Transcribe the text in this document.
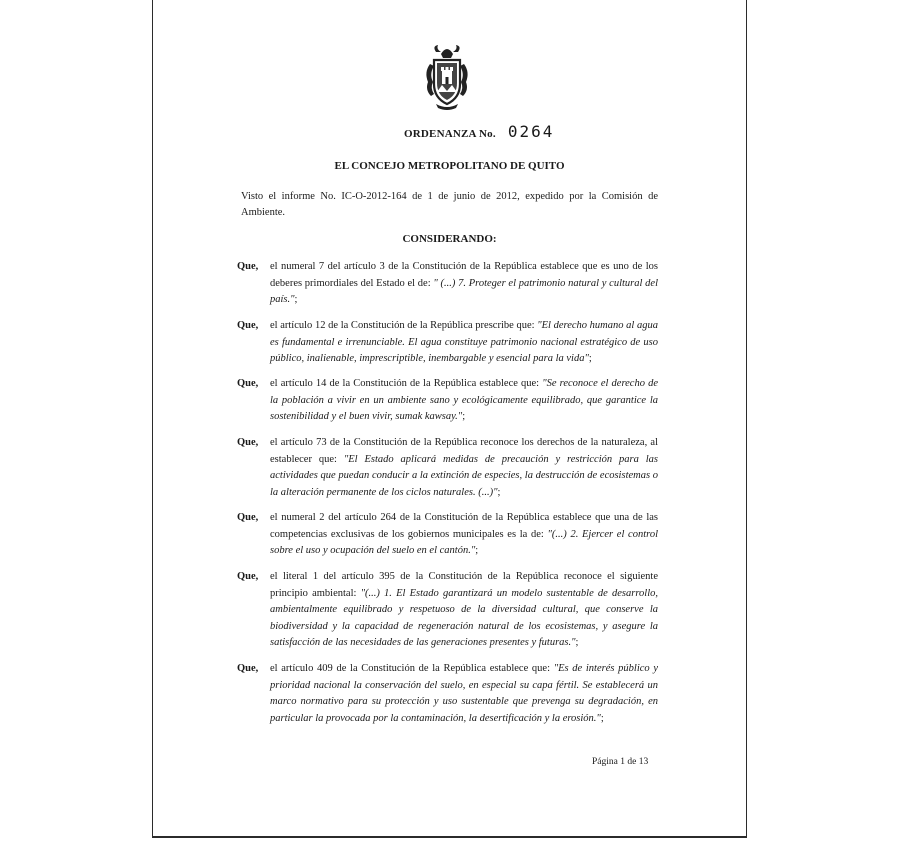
ORDENANZA No. 0264
EL CONCEJO METROPOLITANO DE QUITO
Visto el informe No. IC-O-2012-164 de 1 de junio de 2012, expedido por la Comisión de Ambiente.
CONSIDERANDO:
Que,	el numeral 7 del artículo 3 de la Constitución de la República establece que es uno de los deberes primordiales del Estado el de: " (...) 7. Proteger el patrimonio natural y cultural del país.";
Que,	el artículo 12 de la Constitución de la República prescribe que: "El derecho humano al agua es fundamental e irrenunciable. El agua constituye patrimonio nacional estratégico de uso público, inalienable, imprescriptible, inembargable y esencial para la vida";
Que,	el artículo 14 de la Constitución de la República establece que: "Se reconoce el derecho de la población a vivir en un ambiente sano y ecológicamente equilibrado, que garantice la sostenibilidad y el buen vivir, sumak kawsay.";
Que,	el artículo 73 de la Constitución de la República reconoce los derechos de la naturaleza, al establecer que: "El Estado aplicará medidas de precaución y restricción para las actividades que puedan conducir a la extinción de especies, la destrucción de ecosistemas o la alteración permanente de los ciclos naturales. (...)";
Que,	el numeral 2 del artículo 264 de la Constitución de la República establece que una de las competencias exclusivas de los gobiernos municipales es la de: "(...) 2. Ejercer el control sobre el uso y ocupación del suelo en el cantón.";
Que,	el literal 1 del artículo 395 de la Constitución de la República reconoce el siguiente principio ambiental: "(...) 1. El Estado garantizará un modelo sustentable de desarrollo, ambientalmente equilibrado y respetuoso de la diversidad cultural, que conserve la biodiversidad y la capacidad de regeneración natural de los ecosistemas, y asegure la satisfacción de las necesidades de las generaciones presentes y futuras.";
Que,	el artículo 409 de la Constitución de la República establece que: "Es de interés público y prioridad nacional la conservación del suelo, en especial su capa fértil. Se establecerá un marco normativo para su protección y uso sustentable que prevenga su degradación, en particular la provocada por la contaminación, la desertificación y la erosión.";
Página 1 de 13
